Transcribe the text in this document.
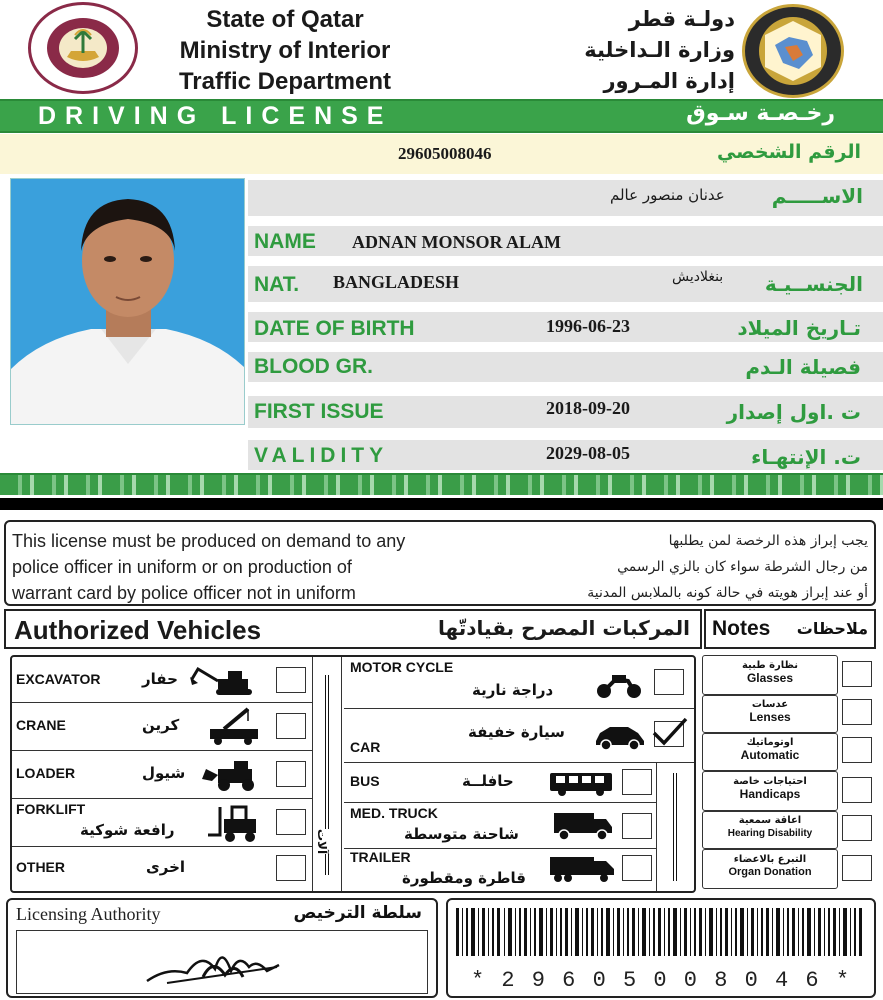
State of Qatar
Ministry of Interior
Traffic Department
دولـة قطر
وزارة الـداخلية
إدارة المـرور
DRIVING LICENSE	رخـصـة سـوق
29605008046	الرقم الشخصي
عدنان منصور عالم الاســـــم
NAME ADNAN MONSOR ALAM
NAT. BANGLADESH	بنغلاديش الجنســيـة
DATE OF BIRTH	1996-06-23	تـاريخ الميلاد
BLOOD GR.	فصيلة الـدم
FIRST ISSUE	2018-09-20	ت .اول إصدار
VALIDITY	2029-08-05	ت. الإنتهـاء
This license must be produced on demand to any
police officer in uniform or on production of
warrant card by police officer not in uniform
يجب إبراز هذه الرخصة لمن يطلبها
من رجال الشرطة سواء كان بالزي الرسمي
أو عند إبراز هويته في حالة كونه بالملابس المدنية
Authorized Vehicles	المركبات المصرح بقيادتّها Notes ملاحظات
EXCAVATOR	حفار
CRANE	كرين
LOADER	شيول
FORKLIFT
رافعة شوكية
OTHER	اخرى
آلات
MOTOR CYCLE
دراجة نارية
CAR
سيارة خفيفة
BUS	حافلــة
MED. TRUCK
شاحنة متوسطة
TRAILER
قاطرة ومقطورة
نظارة طبية
Glasses
عدسات
Lenses
اوتوماتيك
Automatic
احتياجات خاصة
Handicaps
اعاقة سمعية
Hearing Disability
التبرع بالاعضاء
Organ Donation
Licensing Authority	سلطة الترخيص
* 2 9 6 0 5 0 0 8 0 4 6 *
